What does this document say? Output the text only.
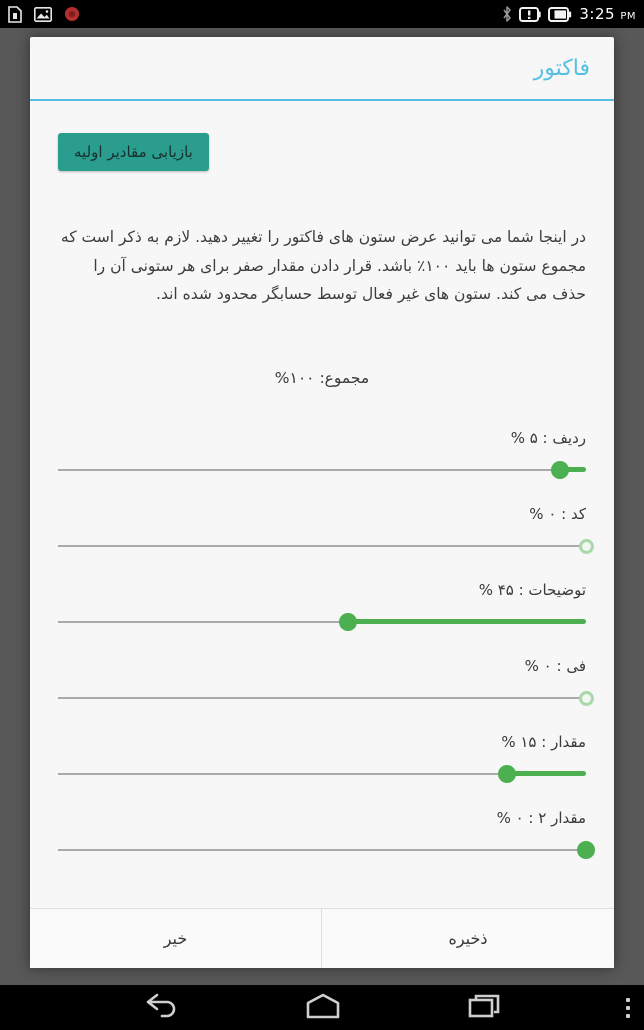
3:25 PM
فاکتور
بازیابی مقادیر اولیه

در اینجا شما می توانید عرض ستون های فاکتور را تغییر دهید. لازم به ذکر است که مجموع ستون ها باید ۱۰۰٪ باشد. قرار دادن مقدار صفر برای هر ستونی آن را حذف می کند. ستون های غیر فعال توسط حسابگر محدود شده اند.

مجموع: ۱۰۰%
ردیف : ۵ %
کد : ۰ %
توضیحات : ۴۵ %
فی : ۰ %
مقدار : ۱۵ %
مقدار ۲ : ۰ %
خیر	ذخیره
